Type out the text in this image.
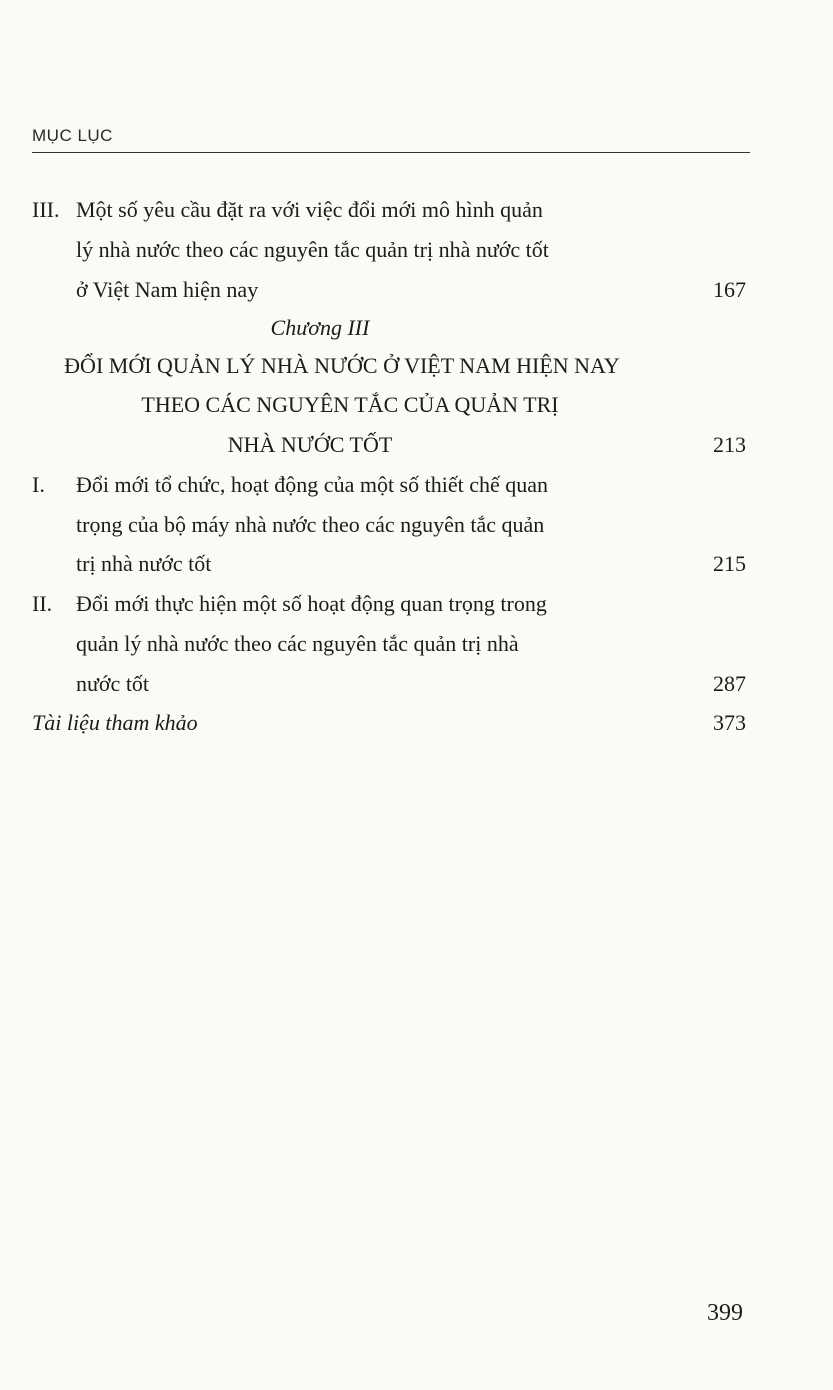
MỤC LỤC
III. Một số yêu cầu đặt ra với việc đổi mới mô hình quản
lý nhà nước theo các nguyên tắc quản trị nhà nước tốt
ở Việt Nam hiện nay	167
Chương III
ĐỔI MỚI QUẢN LÝ NHÀ NƯỚC Ở VIỆT NAM HIỆN NAY
THEO CÁC NGUYÊN TẮC CỦA QUẢN TRỊ
NHÀ NƯỚC TỐT	213
I. Đổi mới tổ chức, hoạt động của một số thiết chế quan
trọng của bộ máy nhà nước theo các nguyên tắc quản
trị nhà nước tốt	215
II. Đổi mới thực hiện một số hoạt động quan trọng trong
quản lý nhà nước theo các nguyên tắc quản trị nhà
nước tốt	287
Tài liệu tham khảo	373
399
